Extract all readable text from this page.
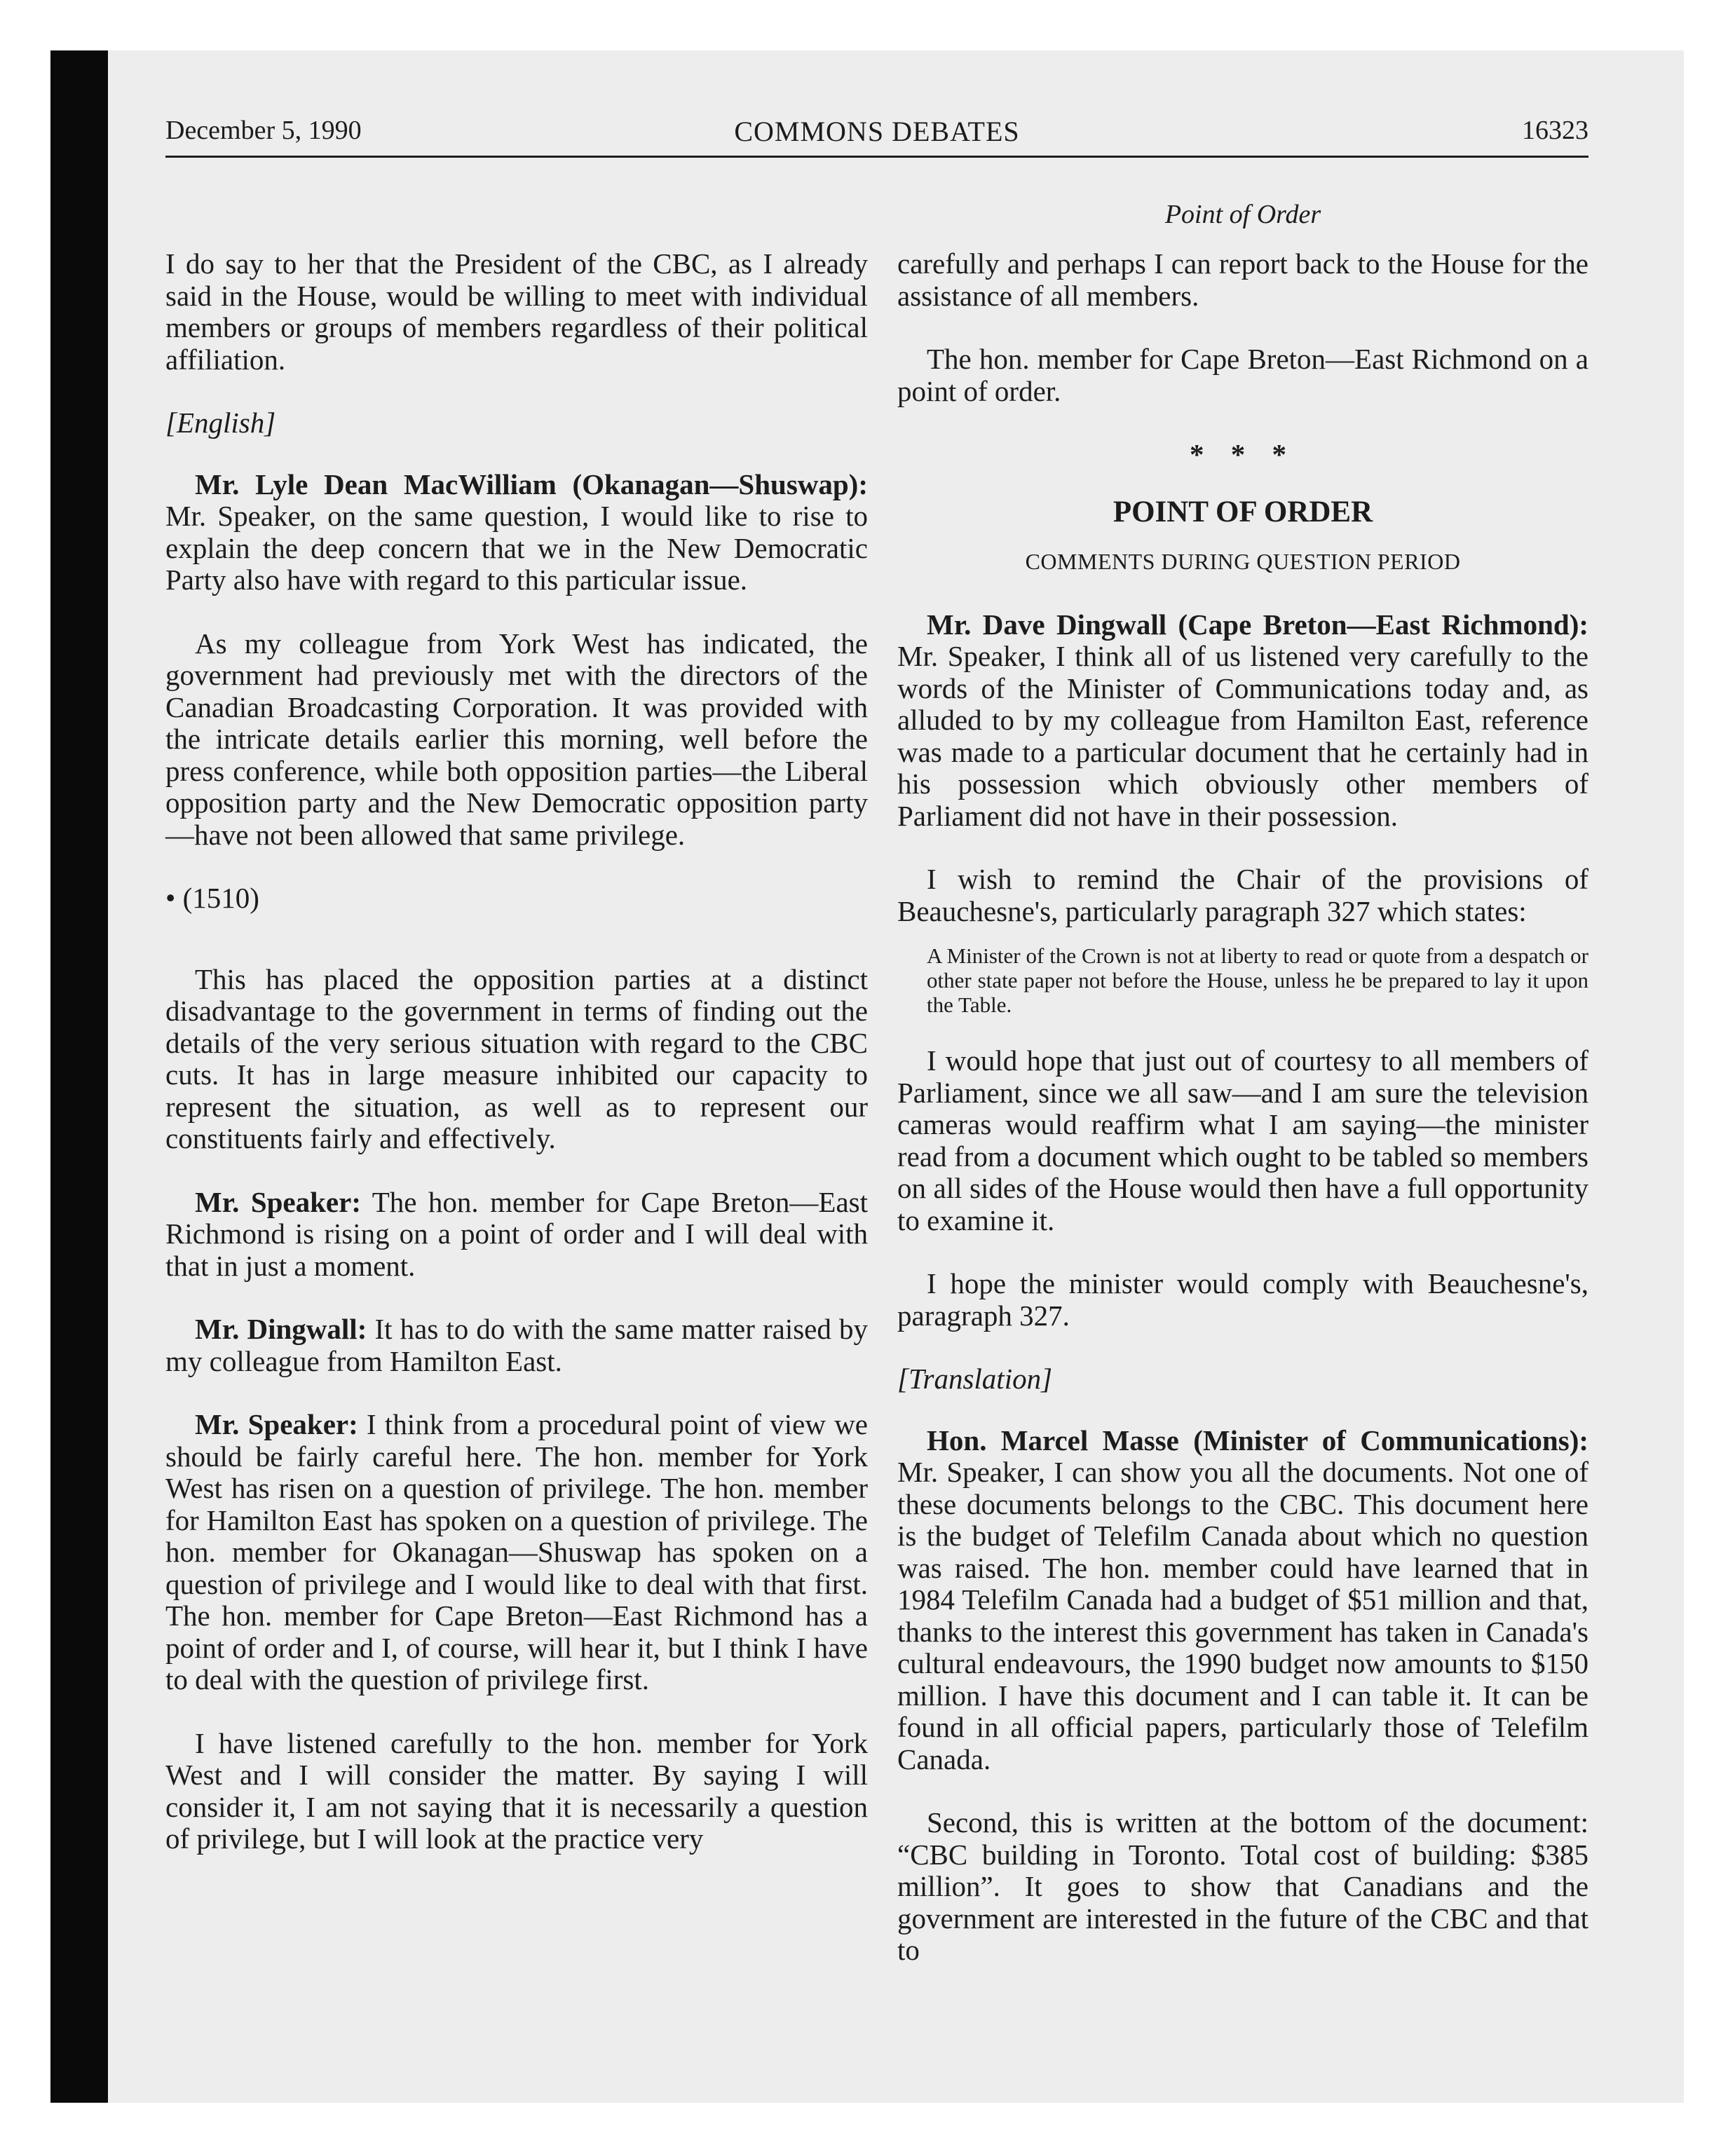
December 5, 1990	COMMONS DEBATES	16323
Point of Order

I do say to her that the President of the CBC, as I already said in the House, would be willing to meet with individual members or groups of members regardless of their political affiliation.

[English]

Mr. Lyle Dean MacWilliam (Okanagan—Shuswap): Mr. Speaker, on the same question, I would like to rise to explain the deep concern that we in the New Democratic Party also have with regard to this particular issue.

As my colleague from York West has indicated, the government had previously met with the directors of the Canadian Broadcasting Corporation. It was provided with the intricate details earlier this morning, well before the press conference, while both opposition parties—the Liberal opposition party and the New Democratic opposition party—have not been allowed that same privilege.

• (1510)

This has placed the opposition parties at a distinct disadvantage to the government in terms of finding out the details of the very serious situation with regard to the CBC cuts. It has in large measure inhibited our capacity to represent the situation, as well as to represent our constituents fairly and effectively.

Mr. Speaker: The hon. member for Cape Breton—East Richmond is rising on a point of order and I will deal with that in just a moment.

Mr. Dingwall: It has to do with the same matter raised by my colleague from Hamilton East.

Mr. Speaker: I think from a procedural point of view we should be fairly careful here. The hon. member for York West has risen on a question of privilege. The hon. member for Hamilton East has spoken on a question of privilege. The hon. member for Okanagan—Shuswap has spoken on a question of privilege and I would like to deal with that first. The hon. member for Cape Breton—East Richmond has a point of order and I, of course, will hear it, but I think I have to deal with the question of privilege first.

I have listened carefully to the hon. member for York West and I will consider the matter. By saying I will consider it, I am not saying that it is necessarily a question of privilege, but I will look at the practice very

carefully and perhaps I can report back to the House for the assistance of all members.

The hon. member for Cape Breton—East Richmond on a point of order.

* * *
POINT OF ORDER
COMMENTS DURING QUESTION PERIOD

Mr. Dave Dingwall (Cape Breton—East Richmond): Mr. Speaker, I think all of us listened very carefully to the words of the Minister of Communications today and, as alluded to by my colleague from Hamilton East, reference was made to a particular document that he certainly had in his possession which obviously other members of Parliament did not have in their possession.

I wish to remind the Chair of the provisions of Beauchesne's, particularly paragraph 327 which states:

A Minister of the Crown is not at liberty to read or quote from a despatch or other state paper not before the House, unless he be prepared to lay it upon the Table.

I would hope that just out of courtesy to all members of Parliament, since we all saw—and I am sure the television cameras would reaffirm what I am saying—the minister read from a document which ought to be tabled so members on all sides of the House would then have a full opportunity to examine it.

I hope the minister would comply with Beauchesne's, paragraph 327.

[Translation]

Hon. Marcel Masse (Minister of Communications): Mr. Speaker, I can show you all the documents. Not one of these documents belongs to the CBC. This document here is the budget of Telefilm Canada about which no question was raised. The hon. member could have learned that in 1984 Telefilm Canada had a budget of $51 million and that, thanks to the interest this government has taken in Canada's cultural endeavours, the 1990 budget now amounts to $150 million. I have this document and I can table it. It can be found in all official papers, particularly those of Telefilm Canada.

Second, this is written at the bottom of the document: “CBC building in Toronto. Total cost of building: $385 million”. It goes to show that Canadians and the government are interested in the future of the CBC and that to
